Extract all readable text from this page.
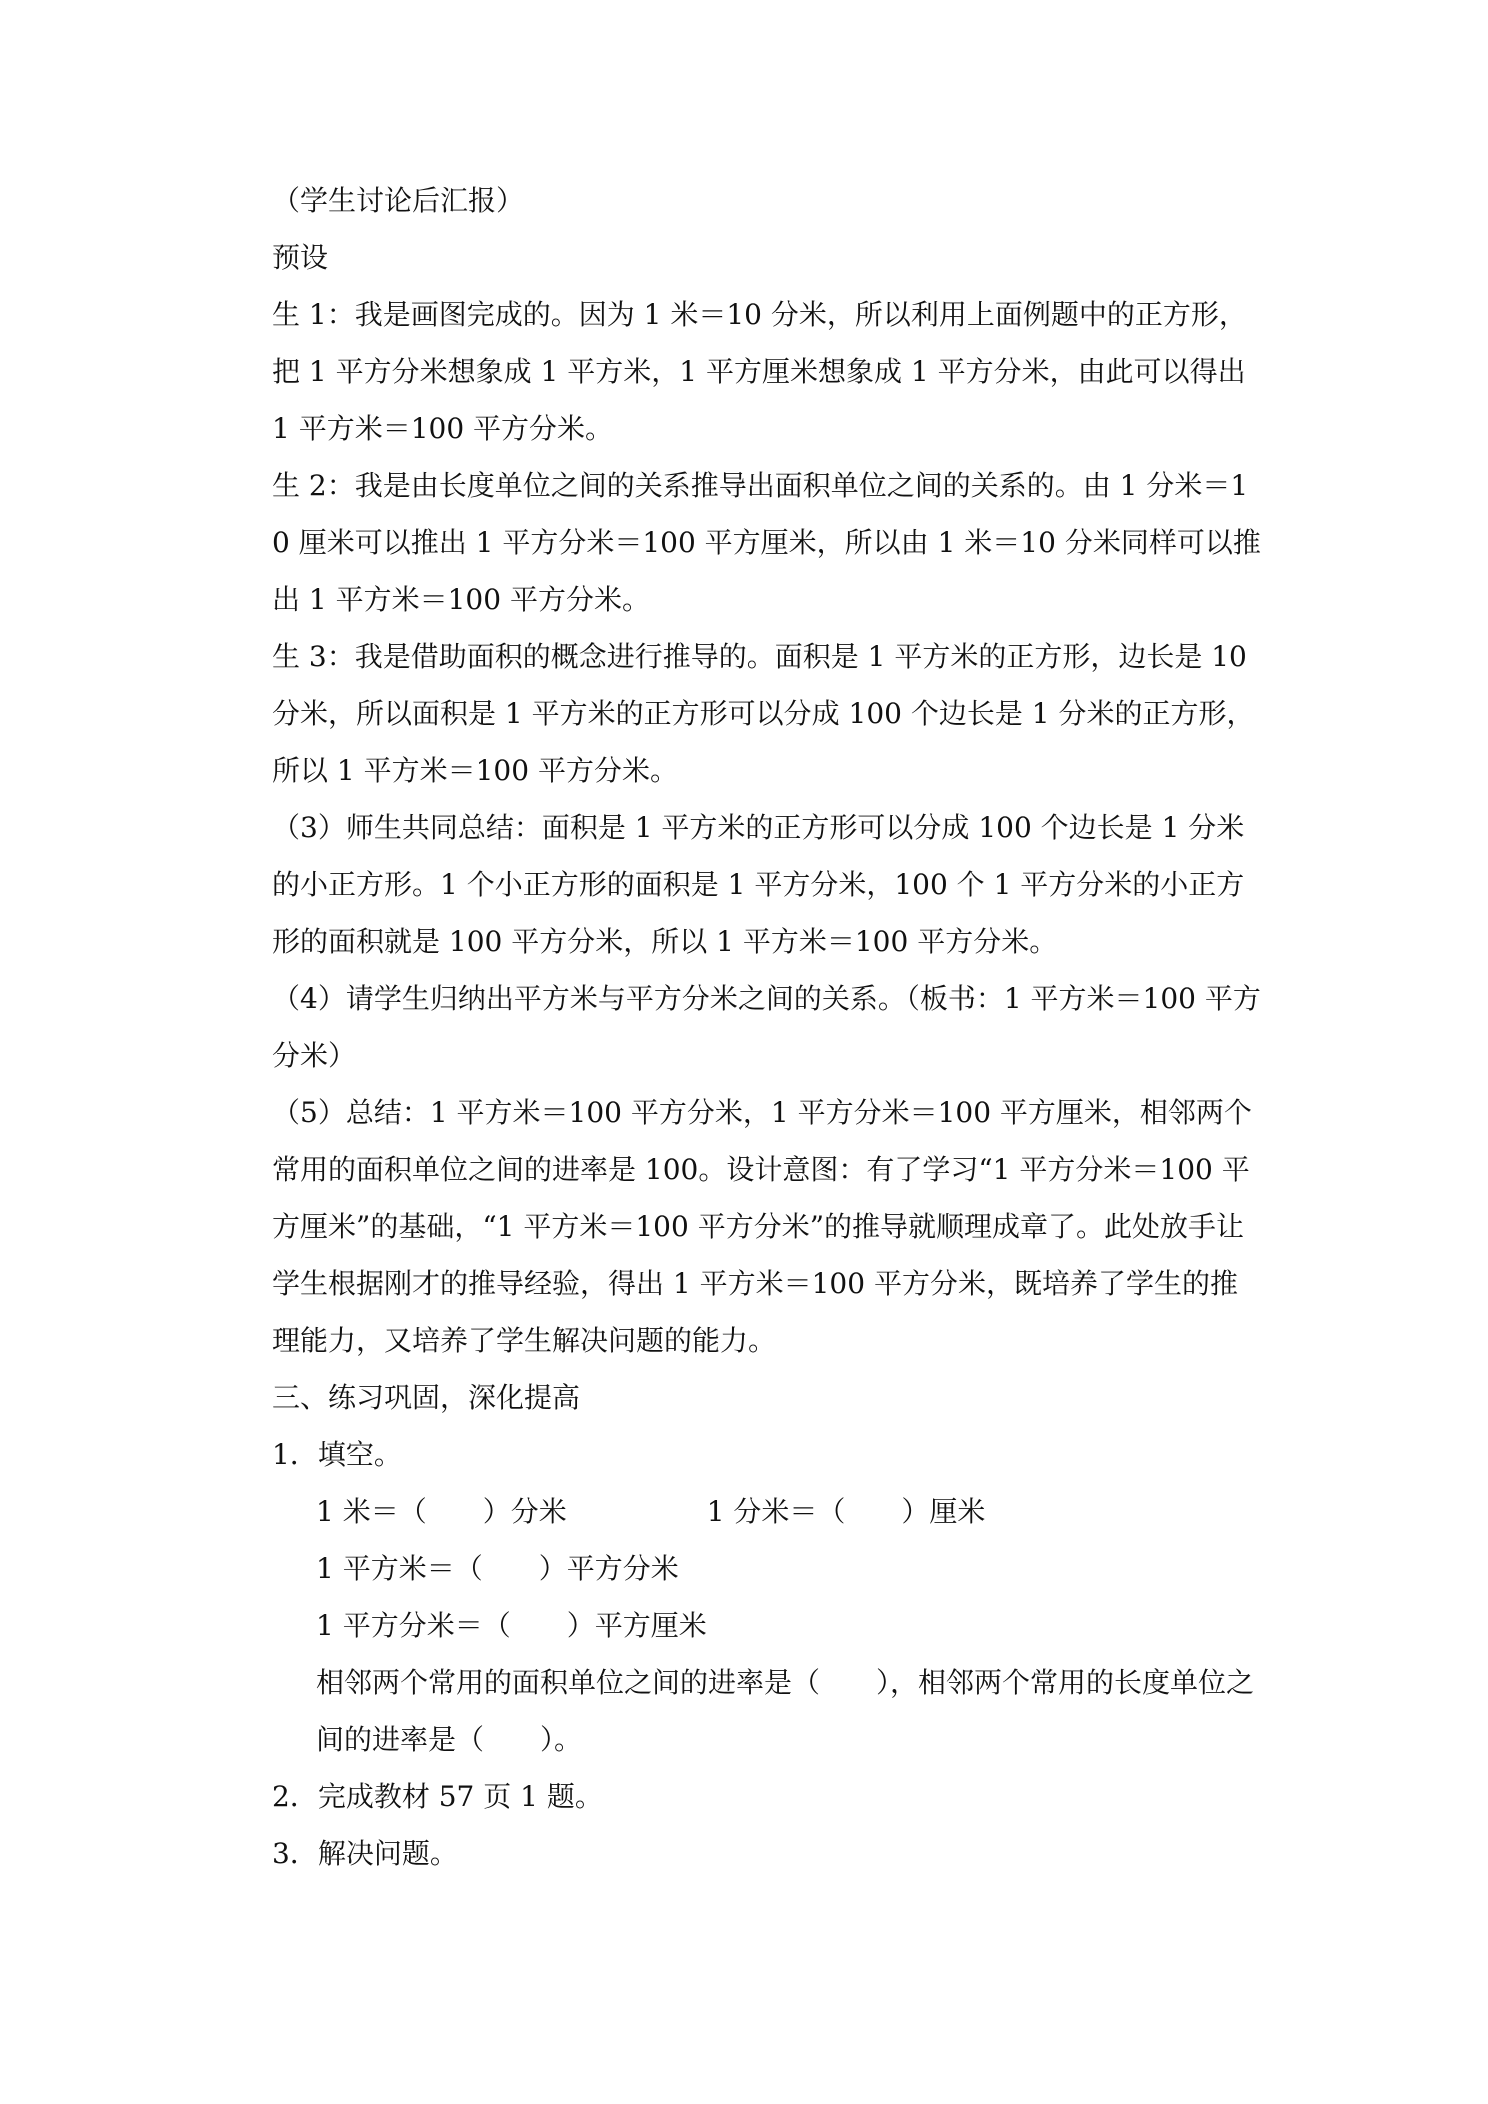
（学生讨论后汇报）

预设

生 1：我是画图完成的。因为 1 米＝10 分米，所以利用上面例题中的正方形，把 1 平方分米想象成 1 平方米，1 平方厘米想象成 1 平方分米，由此可以得出 1 平方米＝100 平方分米。

生 2：我是由长度单位之间的关系推导出面积单位之间的关系的。由 1 分米＝10 厘米可以推出 1 平方分米＝100 平方厘米，所以由 1 米＝10 分米同样可以推出 1 平方米＝100 平方分米。

生 3：我是借助面积的概念进行推导的。面积是 1 平方米的正方形，边长是 10 分米，所以面积是 1 平方米的正方形可以分成 100 个边长是 1 分米的正方形，所以 1 平方米＝100 平方分米。

（3）师生共同总结：面积是 1 平方米的正方形可以分成 100 个边长是 1 分米的小正方形。1 个小正方形的面积是 1 平方分米，100 个 1 平方分米的小正方形的面积就是 100 平方分米，所以 1 平方米＝100 平方分米。

（4）请学生归纳出平方米与平方分米之间的关系。（板书：1 平方米＝100 平方分米）

（5）总结：1 平方米＝100 平方分米，1 平方分米＝100 平方厘米，相邻两个常用的面积单位之间的进率是 100。设计意图：有了学习“1 平方分米＝100 平方厘米”的基础，“1 平方米＝100 平方分米”的推导就顺理成章了。此处放手让学生根据刚才的推导经验，得出 1 平方米＝100 平方分米，既培养了学生的推理能力，又培养了学生解决问题的能力。

三、练习巩固，深化提高

1．填空。

1 米＝（　　）分米　　　　　1 分米＝（　　）厘米

1 平方米＝（　　）平方分米

1 平方分米＝（　　）平方厘米

相邻两个常用的面积单位之间的进率是（　　），相邻两个常用的长度单位之间的进率是（　　）。

2．完成教材 57 页 1 题。

3．解决问题。
